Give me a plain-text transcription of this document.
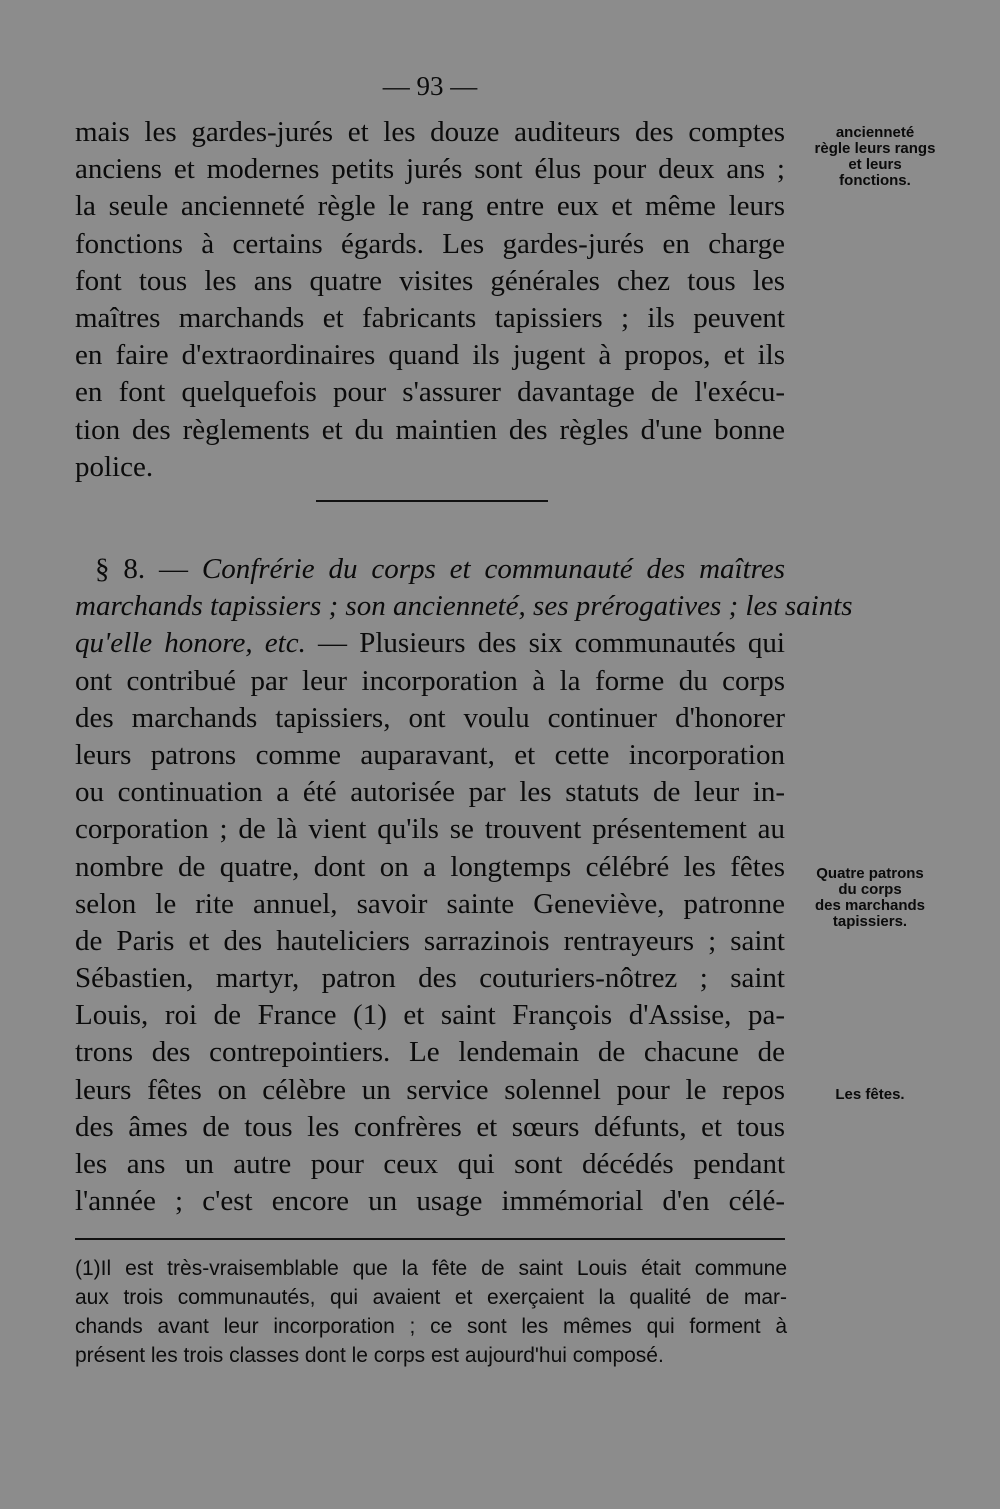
— 93 —
mais les gardes-jurés et les douze auditeurs des comptes
anciens et modernes petits jurés sont élus pour deux ans ;
la seule ancienneté règle le rang entre eux et même leurs
fonctions à certains égards. Les gardes-jurés en charge
font tous les ans quatre visites générales chez tous les
maîtres marchands et fabricants tapissiers ; ils peuvent
en faire d'extraordinaires quand ils jugent à propos, et ils
en font quelquefois pour s'assurer davantage de l'exécu-
tion des règlements et du maintien des règles d'une bonne
police.
§ 8. — Confrérie du corps et communauté des maîtres
marchands tapissiers ; son ancienneté, ses prérogatives ; les saints
qu'elle honore, etc. — Plusieurs des six communautés qui
ont contribué par leur incorporation à la forme du corps
des marchands tapissiers, ont voulu continuer d'honorer
leurs patrons comme auparavant, et cette incorporation
ou continuation a été autorisée par les statuts de leur in-
corporation ; de là vient qu'ils se trouvent présentement au
nombre de quatre, dont on a longtemps célébré les fêtes
selon le rite annuel, savoir sainte Geneviève, patronne
de Paris et des hauteliciers sarrazinois rentrayeurs ; saint
Sébastien, martyr, patron des couturiers-nôtrez ; saint
Louis, roi de France (1) et saint François d'Assise, pa-
trons des contrepointiers. Le lendemain de chacune de
leurs fêtes on célèbre un service solennel pour le repos
des âmes de tous les confrères et sœurs défunts, et tous
les ans un autre pour ceux qui sont décédés pendant
l'année ; c'est encore un usage immémorial d'en célé-
(1)Il est très-vraisemblable que la fête de saint Louis était commune
aux trois communautés, qui avaient et exerçaient la qualité de mar-
chands avant leur incorporation ; ce sont les mêmes qui forment à
présent les trois classes dont le corps est aujourd'hui composé.
ancienneté
règle leurs rangs
et leurs
fonctions.
Quatre patrons
du corps
des marchands
tapissiers.
Les fêtes.
